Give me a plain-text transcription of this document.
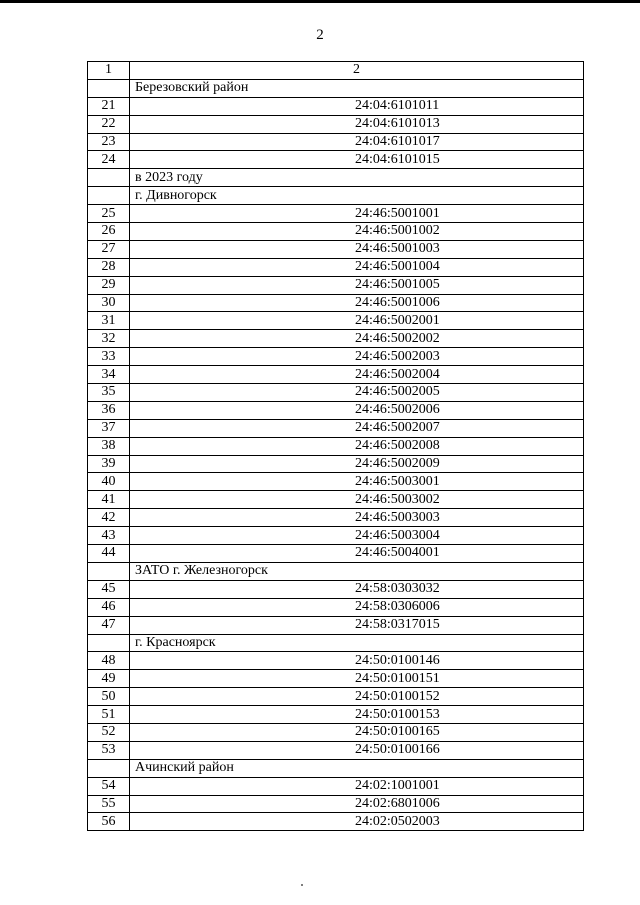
2
1	2
	Березовский район
21	24:04:6101011
22	24:04:6101013
23	24:04:6101017
24	24:04:6101015
	в 2023 году
	г. Дивногорск
25	24:46:5001001
26	24:46:5001002
27	24:46:5001003
28	24:46:5001004
29	24:46:5001005
30	24:46:5001006
31	24:46:5002001
32	24:46:5002002
33	24:46:5002003
34	24:46:5002004
35	24:46:5002005
36	24:46:5002006
37	24:46:5002007
38	24:46:5002008
39	24:46:5002009
40	24:46:5003001
41	24:46:5003002
42	24:46:5003003
43	24:46:5003004
44	24:46:5004001
	ЗАТО г. Железногорск
45	24:58:0303032
46	24:58:0306006
47	24:58:0317015
	г. Красноярск
48	24:50:0100146
49	24:50:0100151
50	24:50:0100152
51	24:50:0100153
52	24:50:0100165
53	24:50:0100166
	Ачинский район
54	24:02:1001001
55	24:02:6801006
56	24:02:0502003
